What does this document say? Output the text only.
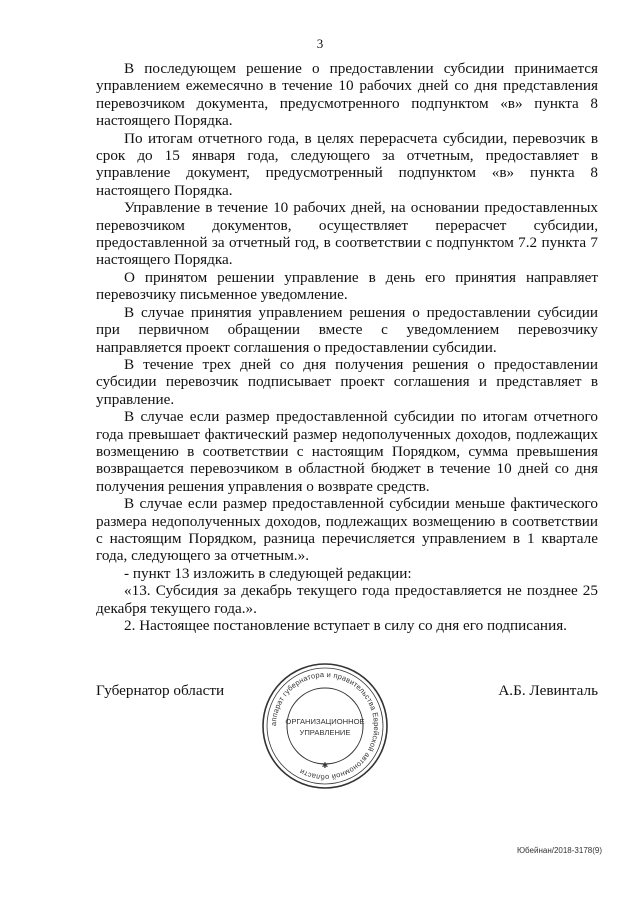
3

В последующем решение о предоставлении субсидии принимается управлением ежемесячно в течение 10 рабочих дней со дня представления перевозчиком документа, предусмотренного подпунктом «в» пункта 8 настоящего Порядка.

По итогам отчетного года, в целях перерасчета субсидии, перевозчик в срок до 15 января года, следующего за отчетным, предоставляет в управление документ, предусмотренный подпунктом «в» пункта 8 настоящего Порядка.

Управление в течение 10 рабочих дней, на основании предоставленных перевозчиком документов, осуществляет перерасчет субсидии, предоставленной за отчетный год, в соответствии с подпунктом 7.2 пункта 7 настоящего Порядка.

О принятом решении управление в день его принятия направляет перевозчику письменное уведомление.

В случае принятия управлением решения о предоставлении субсидии при первичном обращении вместе с уведомлением перевозчику направляется проект соглашения о предоставлении субсидии.

В течение трех дней со дня получения решения о предоставлении субсидии перевозчик подписывает проект соглашения и представляет в управление.

В случае если размер предоставленной субсидии по итогам отчетного года превышает фактический размер недополученных доходов, подлежащих возмещению в соответствии с настоящим Порядком, сумма превышения возвращается перевозчиком в областной бюджет в течение 10 дней со дня получения решения управления о возврате средств.

В случае если размер предоставленной субсидии меньше фактического размера недополученных доходов, подлежащих возмещению в соответствии с настоящим Порядком, разница перечисляется управлением в 1 квартале года, следующего за отчетным.».

- пункт 13 изложить в следующей редакции:

«13. Субсидия за декабрь текущего года предоставляется не позднее 25 декабря текущего года.».

2. Настоящее постановление вступает в силу со дня его подписания.

Губернатор области
аппарат губернатора и правительства Еврейской автономной области
ОРГАНИЗАЦИОННОЕ
УПРАВЛЕНИЕ
✱
А.Б. Левинталь
Юбейнан/2018-3178(9)
